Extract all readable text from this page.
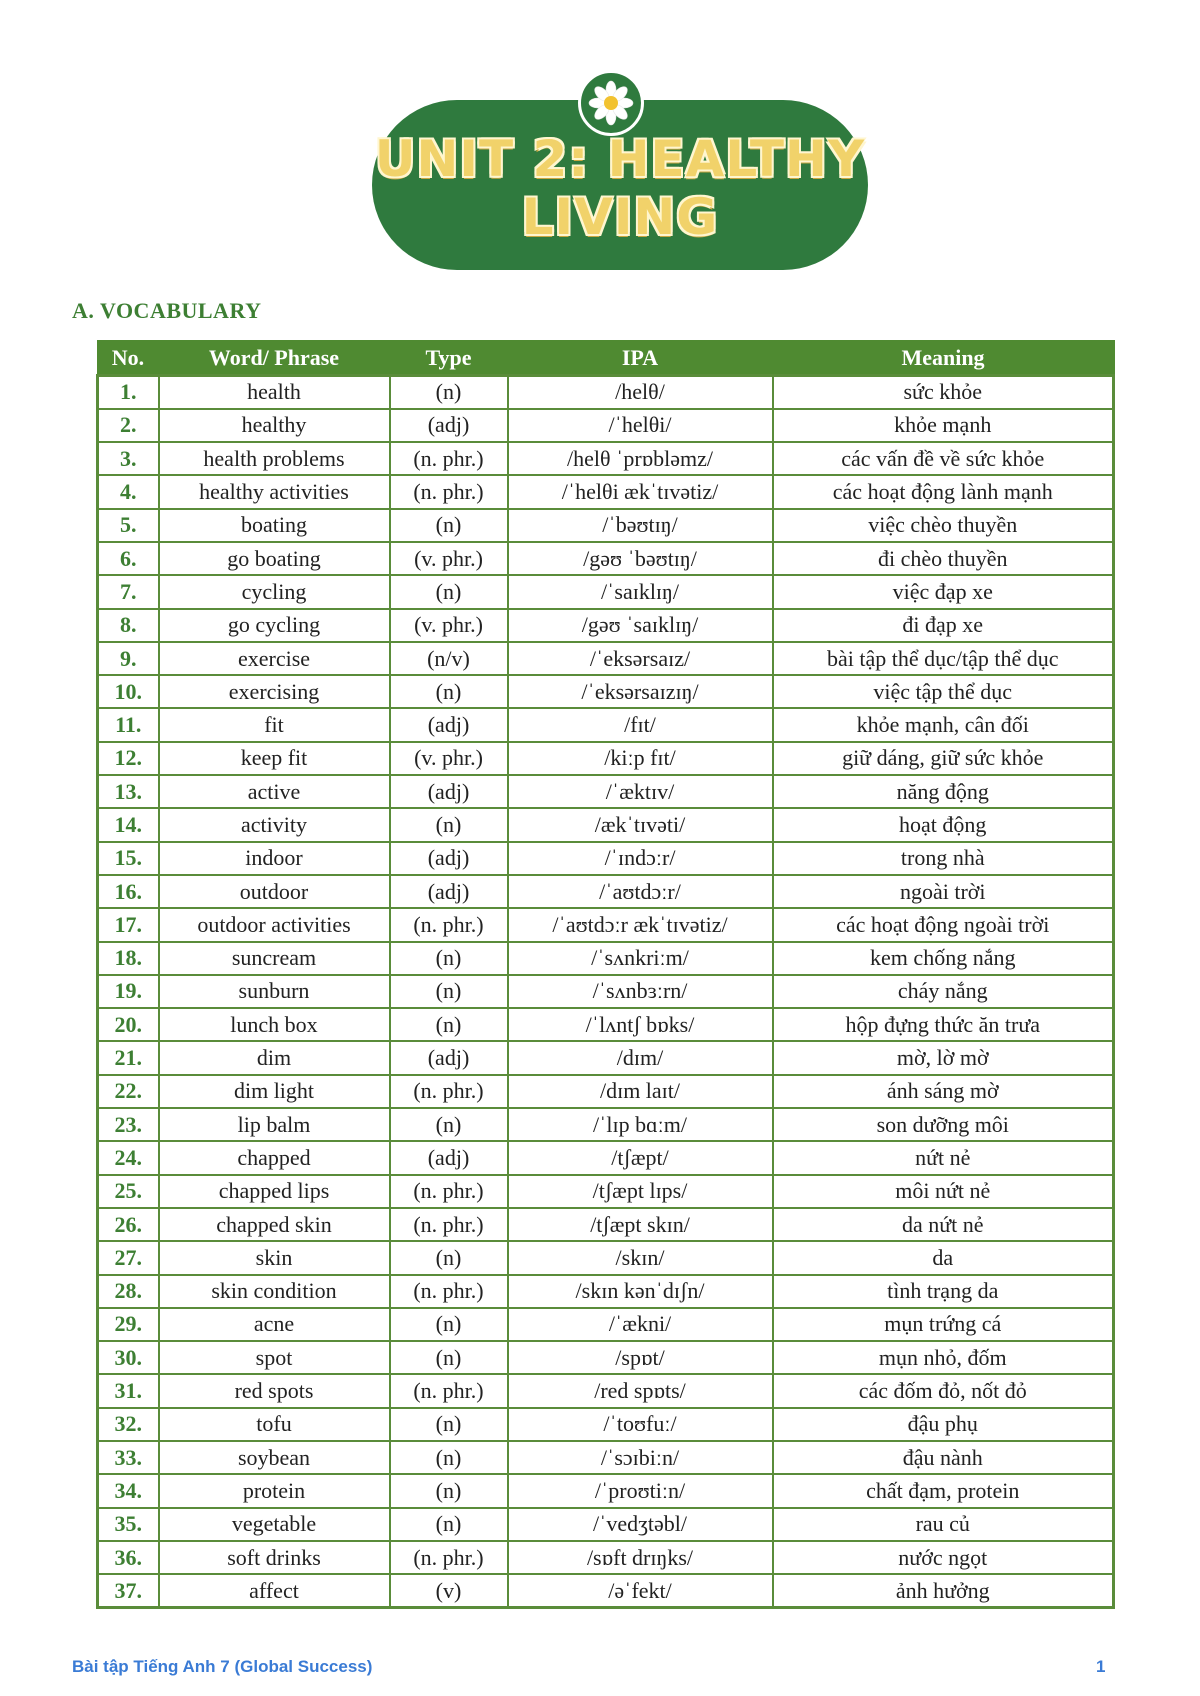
UNIT 2: HEALTHY
LIVING
A. VOCABULARY
No.	Word/ Phrase	Type	IPA	Meaning
1.	health	(n)	/helθ/	sức khỏe
2.	healthy	(adj)	/ˈhelθi/	khỏe mạnh
3.	health problems	(n. phr.)	/helθ ˈprɒbləmz/	các vấn đề về sức khỏe
4.	healthy activities	(n. phr.)	/ˈhelθi ækˈtɪvətiz/	các hoạt động lành mạnh
5.	boating	(n)	/ˈbəʊtɪŋ/	việc chèo thuyền
6.	go boating	(v. phr.)	/gəʊ ˈbəʊtɪŋ/	đi chèo thuyền
7.	cycling	(n)	/ˈsaɪklɪŋ/	việc đạp xe
8.	go cycling	(v. phr.)	/gəʊ ˈsaɪklɪŋ/	đi đạp xe
9.	exercise	(n/v)	/ˈeksərsaɪz/	bài tập thể dục/tập thể dục
10.	exercising	(n)	/ˈeksərsaɪzɪŋ/	việc tập thể dục
11.	fit	(adj)	/fɪt/	khỏe mạnh, cân đối
12.	keep fit	(v. phr.)	/kiːp fɪt/	giữ dáng, giữ sức khỏe
13.	active	(adj)	/ˈæktɪv/	năng động
14.	activity	(n)	/ækˈtɪvəti/	hoạt động
15.	indoor	(adj)	/ˈɪndɔːr/	trong nhà
16.	outdoor	(adj)	/ˈaʊtdɔːr/	ngoài trời
17.	outdoor activities	(n. phr.)	/ˈaʊtdɔːr ækˈtɪvətiz/	các hoạt động ngoài trời
18.	suncream	(n)	/ˈsʌnkriːm/	kem chống nắng
19.	sunburn	(n)	/ˈsʌnbɜːrn/	cháy nắng
20.	lunch box	(n)	/ˈlʌntʃ bɒks/	hộp đựng thức ăn trưa
21.	dim	(adj)	/dɪm/	mờ, lờ mờ
22.	dim light	(n. phr.)	/dɪm laɪt/	ánh sáng mờ
23.	lip balm	(n)	/ˈlɪp bɑːm/	son dưỡng môi
24.	chapped	(adj)	/tʃæpt/	nứt nẻ
25.	chapped lips	(n. phr.)	/tʃæpt lɪps/	môi nứt nẻ
26.	chapped skin	(n. phr.)	/tʃæpt skɪn/	da nứt nẻ
27.	skin	(n)	/skɪn/	da
28.	skin condition	(n. phr.)	/skɪn kənˈdɪʃn/	tình trạng da
29.	acne	(n)	/ˈækni/	mụn trứng cá
30.	spot	(n)	/spɒt/	mụn nhỏ, đốm
31.	red spots	(n. phr.)	/red spɒts/	các đốm đỏ, nốt đỏ
32.	tofu	(n)	/ˈtoʊfuː/	đậu phụ
33.	soybean	(n)	/ˈsɔɪbiːn/	đậu nành
34.	protein	(n)	/ˈproʊtiːn/	chất đạm, protein
35.	vegetable	(n)	/ˈvedʒtəbl/	rau củ
36.	soft drinks	(n. phr.)	/sɒft drɪŋks/	nước ngọt
37.	affect	(v)	/əˈfekt/	ảnh hưởng
Bài tập Tiếng Anh 7 (Global Success)	1
